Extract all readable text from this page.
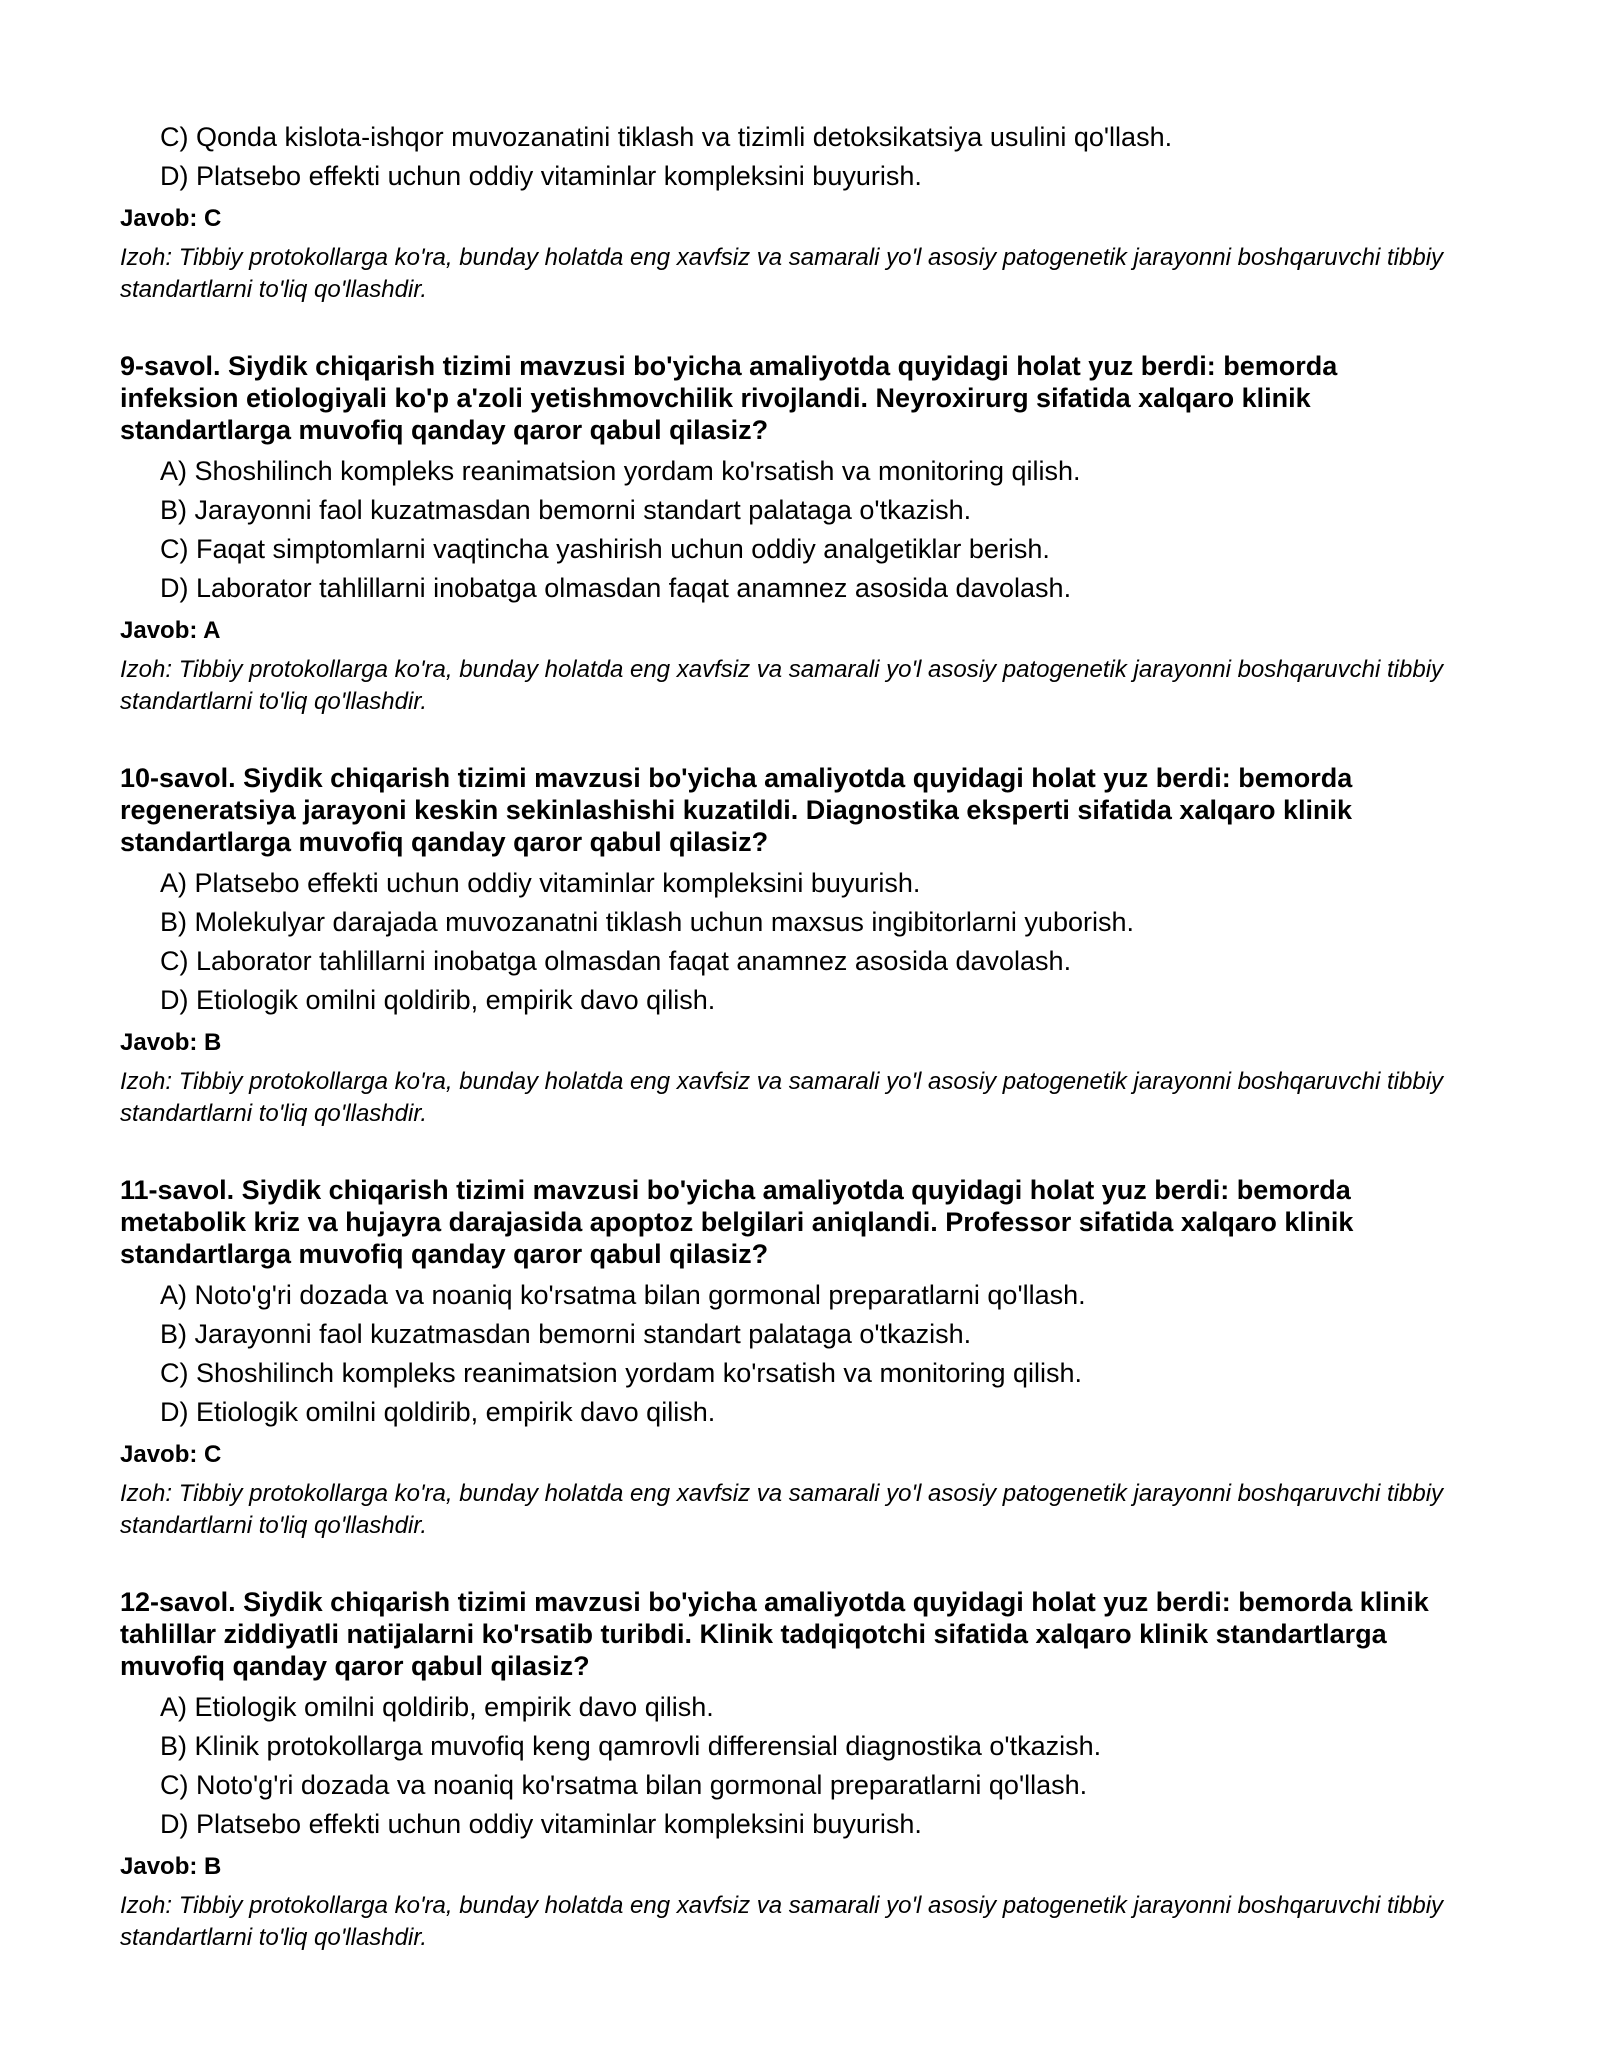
C) Qonda kislota-ishqor muvozanatini tiklash va tizimli detoksikatsiya usulini qo'llash.
D) Platsebo effekti uchun oddiy vitaminlar kompleksini buyurish.
Javob: C
Izoh: Tibbiy protokollarga ko'ra, bunday holatda eng xavfsiz va samarali yo'l asosiy patogenetik jarayonni boshqaruvchi tibbiy standartlarni to'liq qo'llashdir.
9-savol. Siydik chiqarish tizimi mavzusi bo'yicha amaliyotda quyidagi holat yuz berdi: bemorda infeksion etiologiyali ko'p a'zoli yetishmovchilik rivojlandi. Neyroxirurg sifatida xalqaro klinik standartlarga muvofiq qanday qaror qabul qilasiz?
A) Shoshilinch kompleks reanimatsion yordam ko'rsatish va monitoring qilish.
B) Jarayonni faol kuzatmasdan bemorni standart palataga o'tkazish.
C) Faqat simptomlarni vaqtincha yashirish uchun oddiy analgetiklar berish.
D) Laborator tahlillarni inobatga olmasdan faqat anamnez asosida davolash.
Javob: A
Izoh: Tibbiy protokollarga ko'ra, bunday holatda eng xavfsiz va samarali yo'l asosiy patogenetik jarayonni boshqaruvchi tibbiy standartlarni to'liq qo'llashdir.
10-savol. Siydik chiqarish tizimi mavzusi bo'yicha amaliyotda quyidagi holat yuz berdi: bemorda regeneratsiya jarayoni keskin sekinlashishi kuzatildi. Diagnostika eksperti sifatida xalqaro klinik standartlarga muvofiq qanday qaror qabul qilasiz?
A) Platsebo effekti uchun oddiy vitaminlar kompleksini buyurish.
B) Molekulyar darajada muvozanatni tiklash uchun maxsus ingibitorlarni yuborish.
C) Laborator tahlillarni inobatga olmasdan faqat anamnez asosida davolash.
D) Etiologik omilni qoldirib, empirik davo qilish.
Javob: B
Izoh: Tibbiy protokollarga ko'ra, bunday holatda eng xavfsiz va samarali yo'l asosiy patogenetik jarayonni boshqaruvchi tibbiy standartlarni to'liq qo'llashdir.
11-savol. Siydik chiqarish tizimi mavzusi bo'yicha amaliyotda quyidagi holat yuz berdi: bemorda metabolik kriz va hujayra darajasida apoptoz belgilari aniqlandi. Professor sifatida xalqaro klinik standartlarga muvofiq qanday qaror qabul qilasiz?
A) Noto'g'ri dozada va noaniq ko'rsatma bilan gormonal preparatlarni qo'llash.
B) Jarayonni faol kuzatmasdan bemorni standart palataga o'tkazish.
C) Shoshilinch kompleks reanimatsion yordam ko'rsatish va monitoring qilish.
D) Etiologik omilni qoldirib, empirik davo qilish.
Javob: C
Izoh: Tibbiy protokollarga ko'ra, bunday holatda eng xavfsiz va samarali yo'l asosiy patogenetik jarayonni boshqaruvchi tibbiy standartlarni to'liq qo'llashdir.
12-savol. Siydik chiqarish tizimi mavzusi bo'yicha amaliyotda quyidagi holat yuz berdi: bemorda klinik tahlillar ziddiyatli natijalarni ko'rsatib turibdi. Klinik tadqiqotchi sifatida xalqaro klinik standartlarga muvofiq qanday qaror qabul qilasiz?
A) Etiologik omilni qoldirib, empirik davo qilish.
B) Klinik protokollarga muvofiq keng qamrovli differensial diagnostika o'tkazish.
C) Noto'g'ri dozada va noaniq ko'rsatma bilan gormonal preparatlarni qo'llash.
D) Platsebo effekti uchun oddiy vitaminlar kompleksini buyurish.
Javob: B
Izoh: Tibbiy protokollarga ko'ra, bunday holatda eng xavfsiz va samarali yo'l asosiy patogenetik jarayonni boshqaruvchi tibbiy standartlarni to'liq qo'llashdir.
